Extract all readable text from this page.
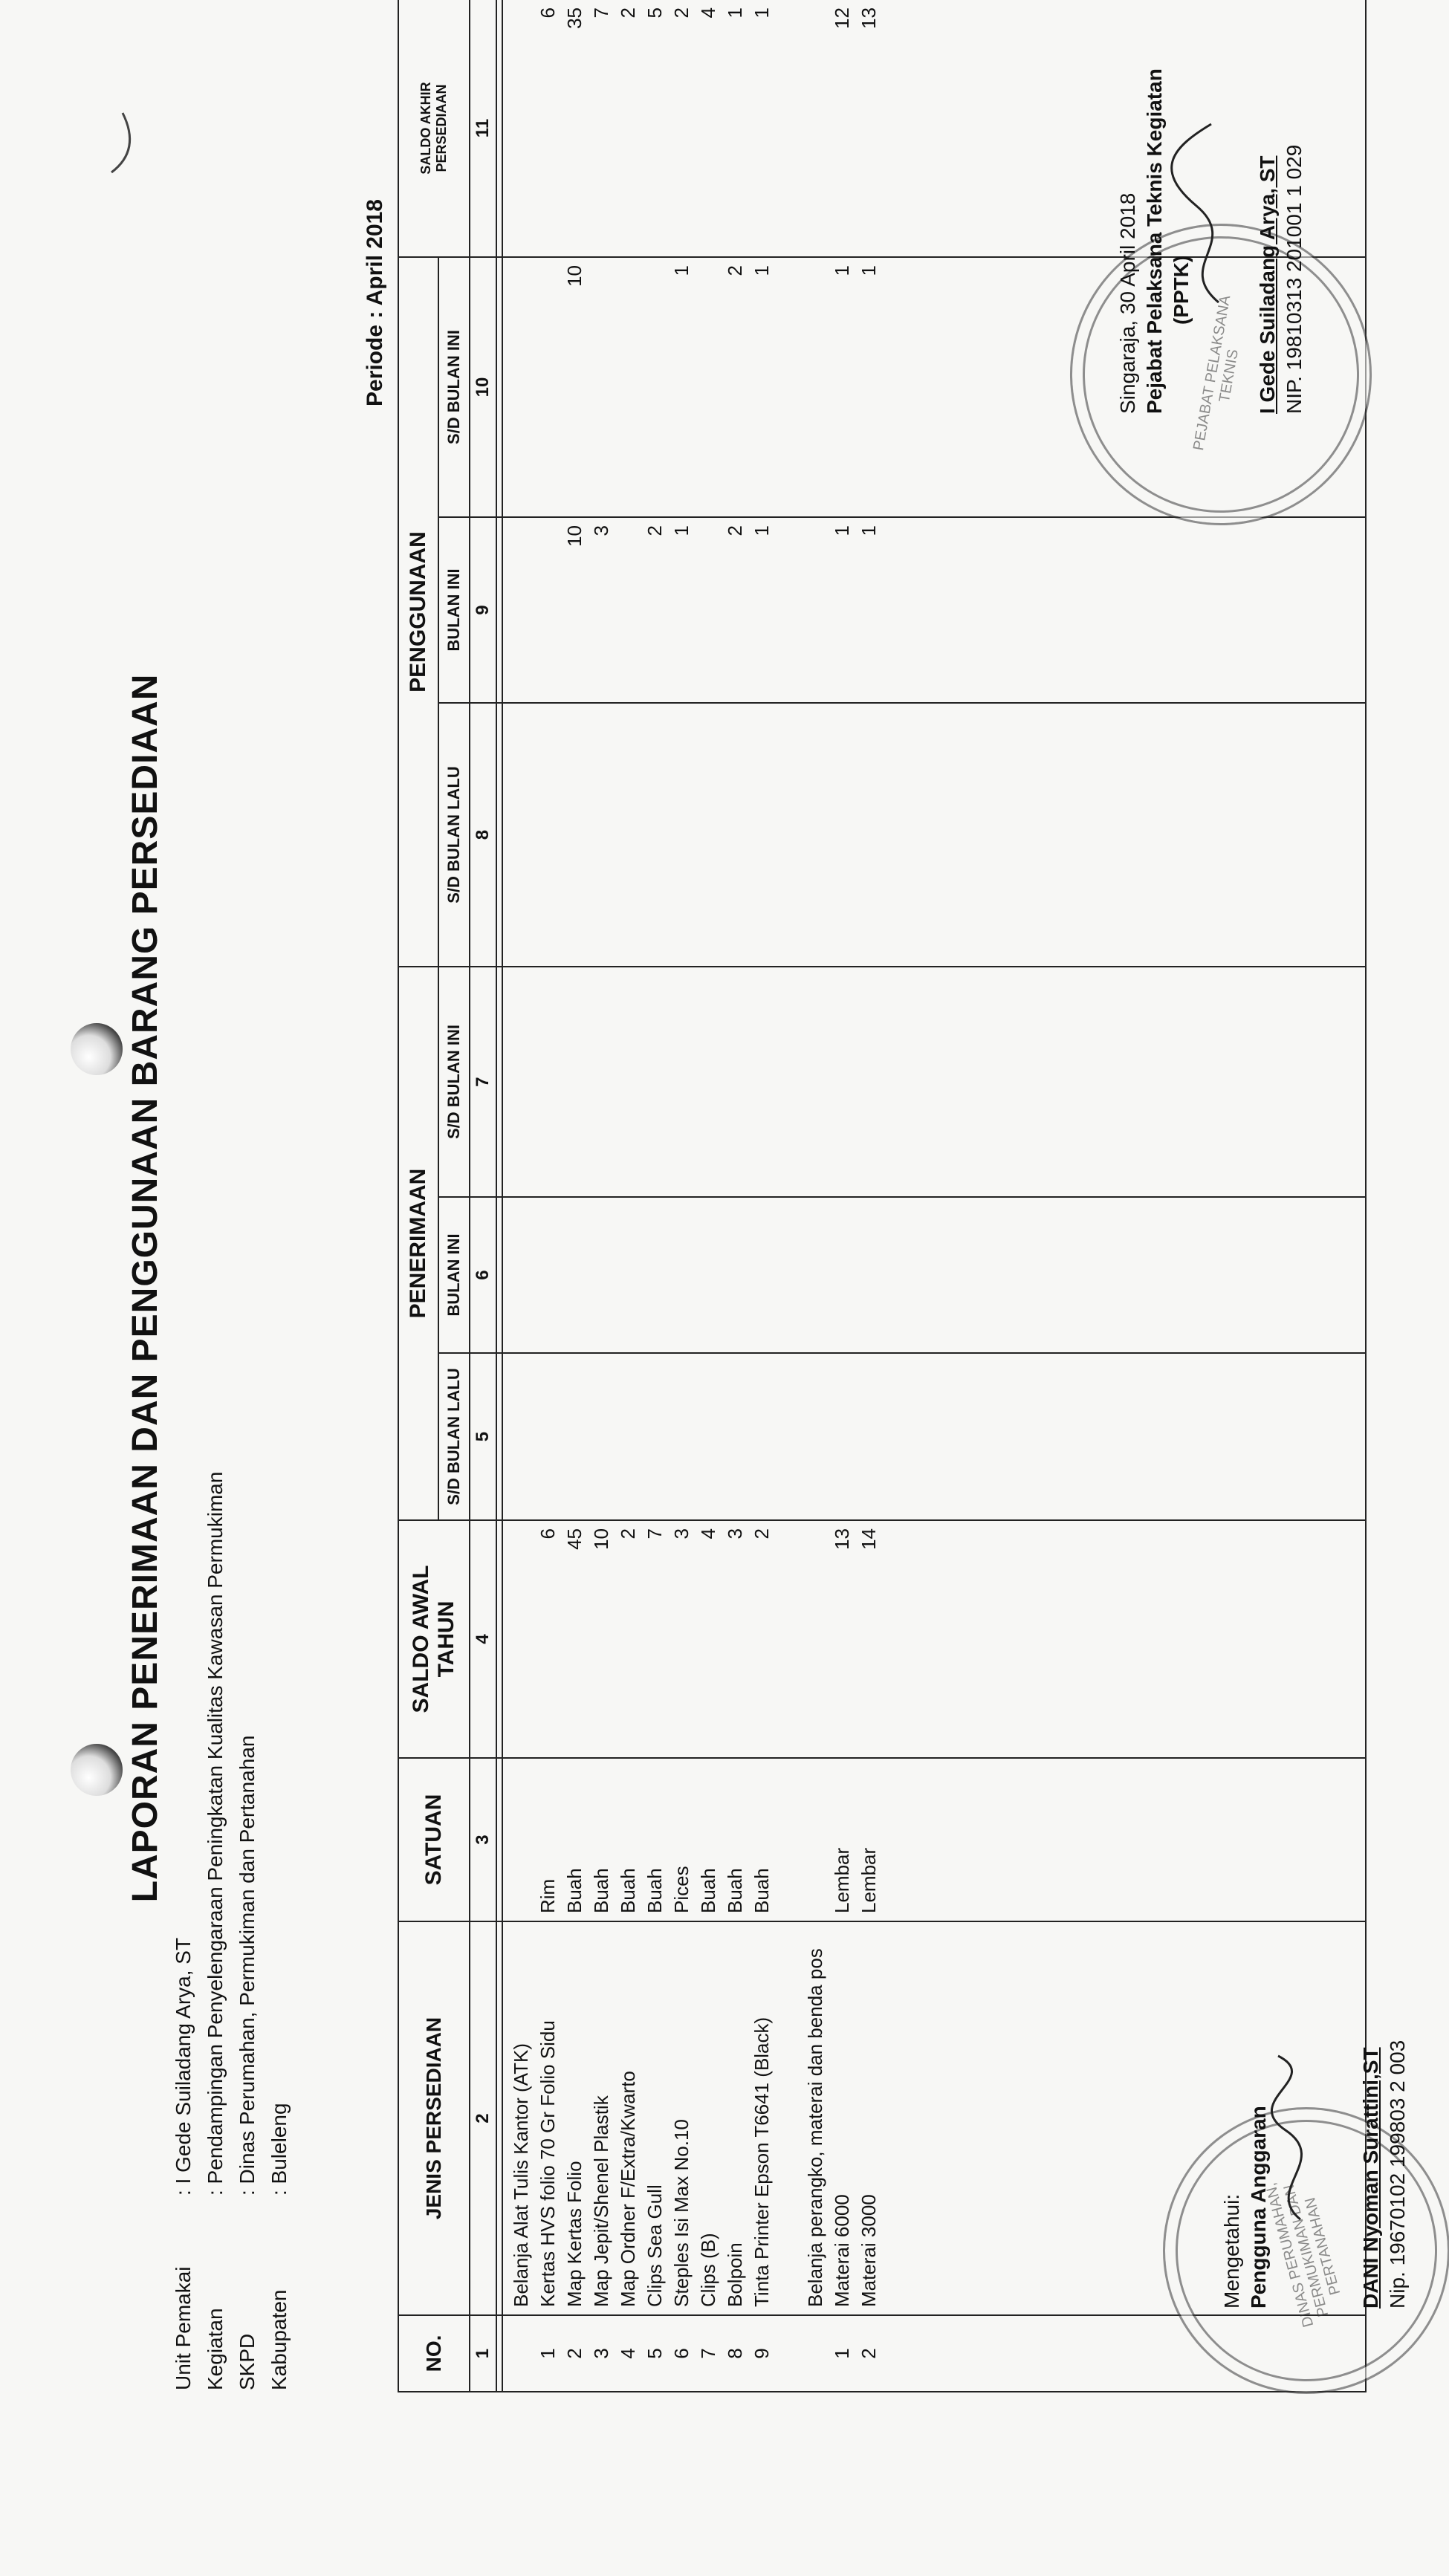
LAPORAN PENERIMAAN DAN PENGGUNAAN BARANG PERSEDIAAN
Unit Pemakai: I Gede Suiladang Arya, ST
Kegiatan: Pendampingan Penyelengaraan Peningkatan Kualitas Kawasan Permukiman
SKPD: Dinas Perumahan, Permukiman dan Pertanahan
Kabupaten: Buleleng
Periode : April 2018
NO.	JENIS PERSEDIAAN	SATUAN	SALDO AWAL TAHUN	PENERIMAAN			PENGGUNAAN			SALDO AKHIR PERSEDIAAN

				S/D BULAN LALU	BULAN INI	S/D BULAN INI	S/D BULAN LALU	BULAN INI	S/D BULAN INI	
1	2	3	4	5	6	7	8	9	10	11

	Belanja Alat Tulis Kantor (ATK)									
1	Kertas HVS folio 70 Gr Folio Sidu	Rim	6							6
2	Map Kertas Folio	Buah	45					10	10	35
3	Map Jepit/Shenel Plastik	Buah	10					3		7
4	Map Ordner F/Extra/Kwarto	Buah	2							2
5	Clips Sea Gull	Buah	7					2		5
6	Steples Isi Max No.10	Pices	3					1	1	2
7	Clips (B)	Buah	4							4
8	Bolpoin	Buah	3					2	2	1
9	Tinta Printer Epson T6641 (Black)	Buah	2					1	1	1

	Belanja perangko, materai dan benda pos									
1	Materai 6000	Lembar	13					1	1	12
2	Materai 3000	Lembar	14					1	1	13

DINAS PERUMAHAN, PERMUKIMAN DAN PERTANAHAN
PEJABAT PELAKSANA TEKNIS
Mengetahui: Pengguna Anggaran	DANI Nyoman Surattini,ST Nip. 19670102 199803 2 003
Singaraja, 30 April 2018 Pejabat Pelaksana Teknis Kegiatan (PPTK)	I Gede Suiladang Arya, ST NIP. 19810313 201001 1 029
